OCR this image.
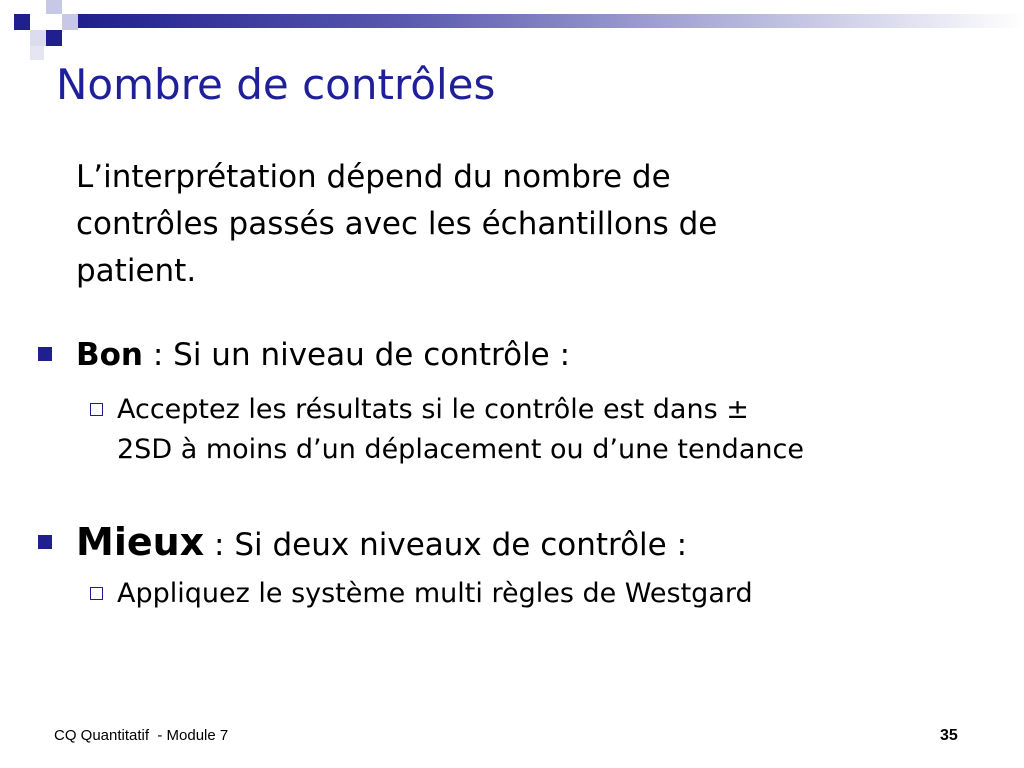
Nombre de contrôles

L’interprétation dépend du nombre de
contrôles passés avec les échantillons de
patient.

Bon : Si un niveau de contrôle :
Acceptez les résultats si le contrôle est dans ±
2SD à moins d’un déplacement ou d’une tendance
Mieux : Si deux niveaux de contrôle :
Appliquez le système multi règles de Westgard
CQ Quantitatif  - Module 7	35
